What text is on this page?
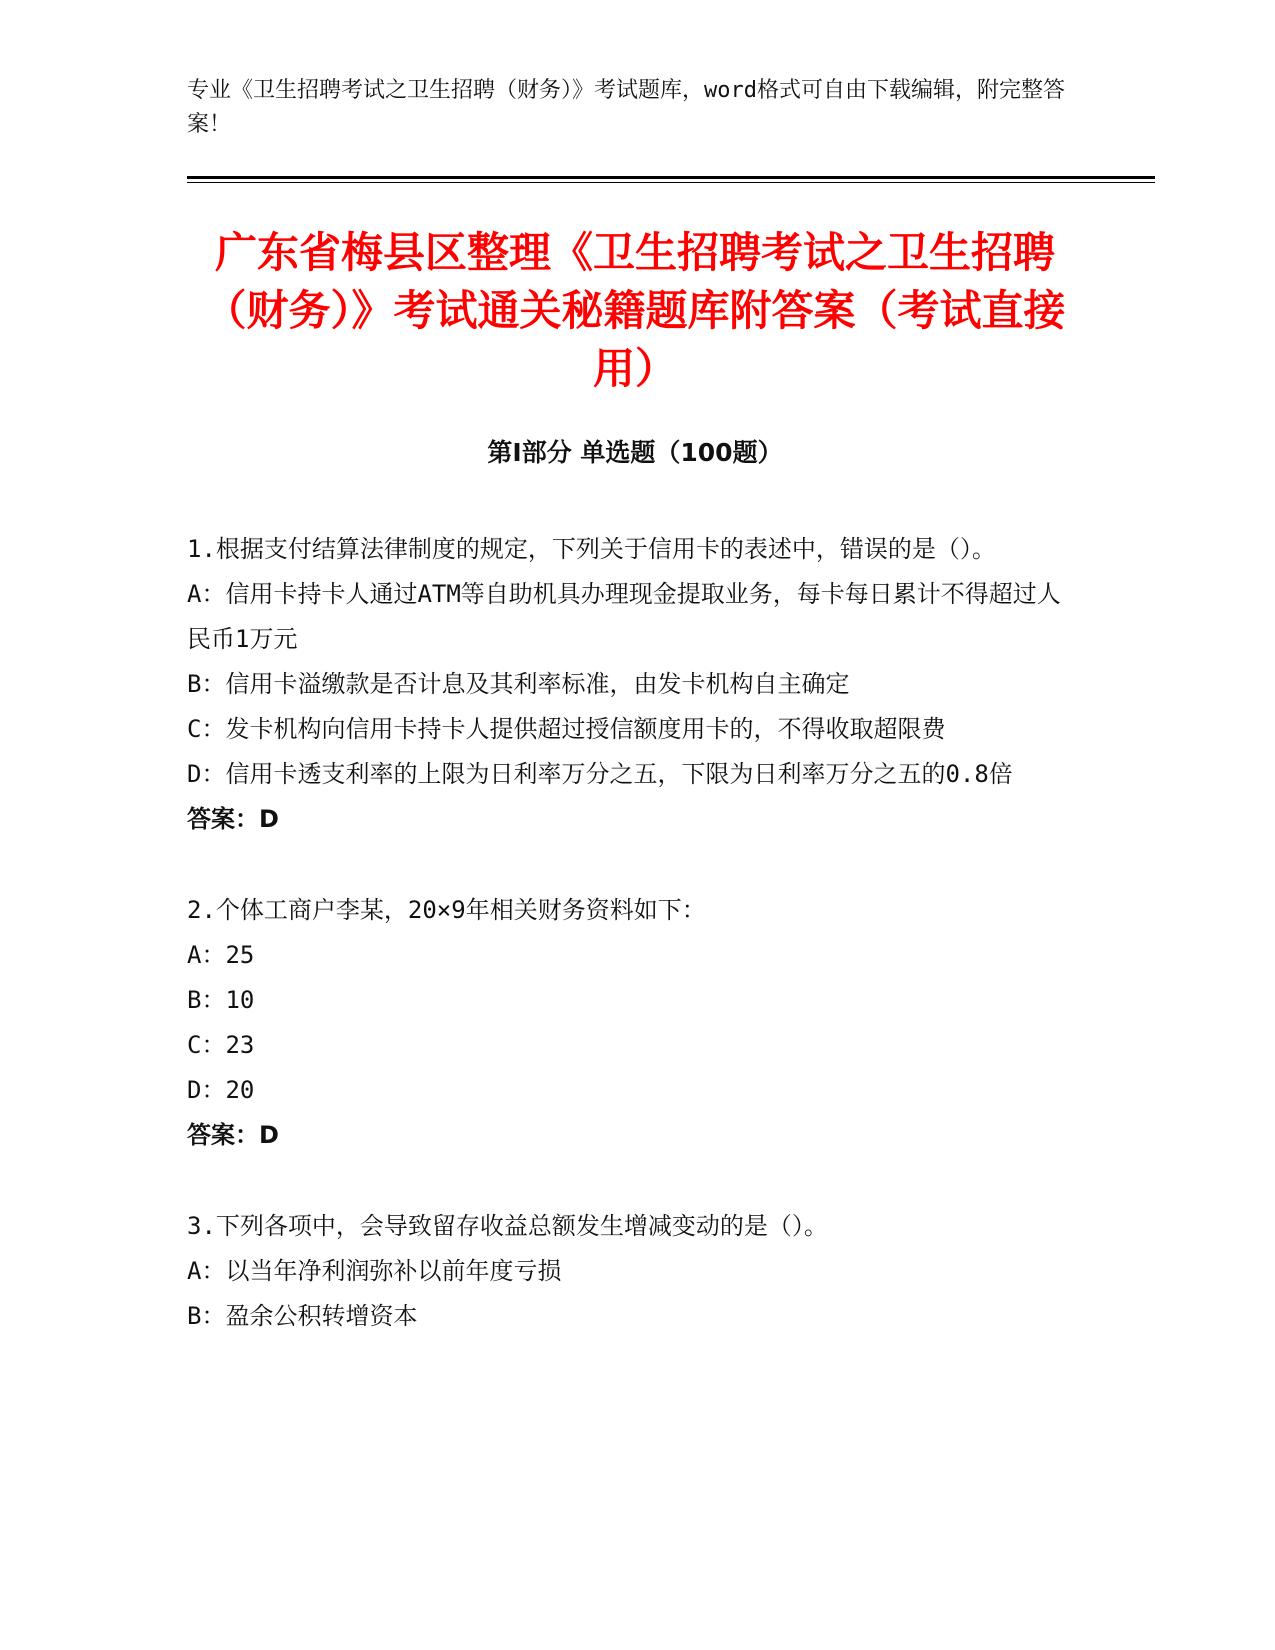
专业《卫生招聘考试之卫生招聘（财务）》考试题库，word格式可自由下载编辑，附完整答案！

广东省梅县区整理《卫生招聘考试之卫生招聘（财务）》考试通关秘籍题库附答案（考试直接用）
第I部分 单选题（100题）

1.根据支付结算法律制度的规定，下列关于信用卡的表述中，错误的是（）。

A：信用卡持卡人通过ATM等自助机具办理现金提取业务，每卡每日累计不得超过人民币1万元

B：信用卡溢缴款是否计息及其利率标准，由发卡机构自主确定

C：发卡机构向信用卡持卡人提供超过授信额度用卡的，不得收取超限费

D：信用卡透支利率的上限为日利率万分之五，下限为日利率万分之五的0.8倍

答案：D

2.个体工商户李某，20×9年相关财务资料如下：

A：25

B：10

C：23

D：20

答案：D

3.下列各项中，会导致留存收益总额发生增减变动的是（）。

A：以当年净利润弥补以前年度亏损

B：盈余公积转增资本
